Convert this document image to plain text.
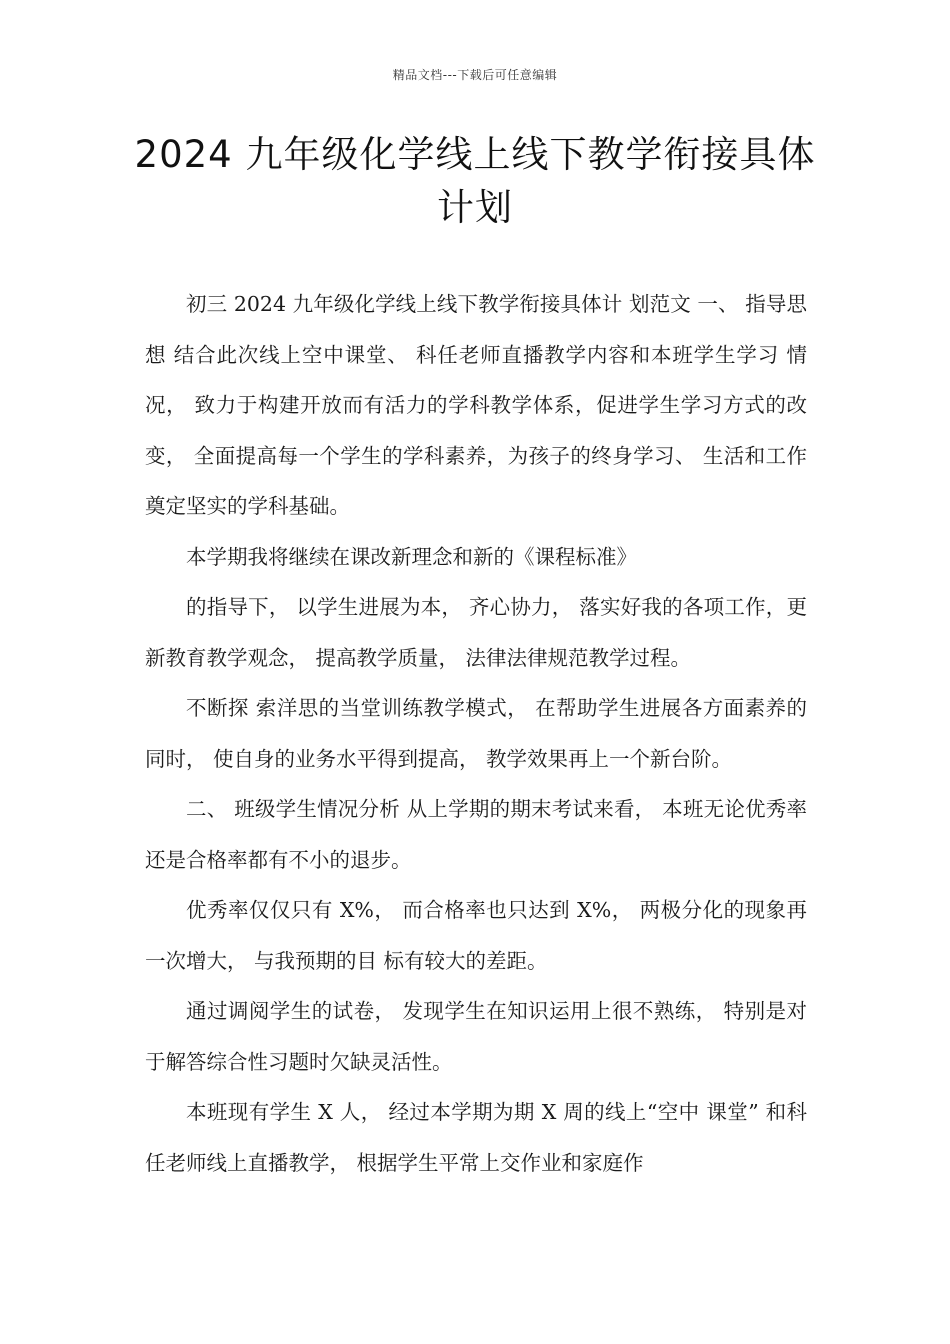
精品文档---下载后可任意编辑
2024 九年级化学线上线下教学衔接具体计划

初三 2024 九年级化学线上线下教学衔接具体计 划范文 一、 指导思想 结合此次线上空中课堂、 科任老师直播教学内容和本班学生学习 情况， 致力于构建开放而有活力的学科教学体系，促进学生学习方式的改变， 全面提高每一个学生的学科素养，为孩子的终身学习、 生活和工作奠定坚实的学科基础。

本学期我将继续在课改新理念和新的《课程标准》

的指导下， 以学生进展为本， 齐心协力， 落实好我的各项工作，更新教育教学观念， 提高教学质量， 法律法律规范教学过程。

不断探 索洋思的当堂训练教学模式， 在帮助学生进展各方面素养的同时， 使自身的业务水平得到提高， 教学效果再上一个新台阶。

二、 班级学生情况分析 从上学期的期末考试来看， 本班无论优秀率还是合格率都有不小的退步。

优秀率仅仅只有 X%， 而合格率也只达到 X%， 两极分化的现象再一次增大， 与我预期的目 标有较大的差距。

通过调阅学生的试卷， 发现学生在知识运用上很不熟练， 特别是对于解答综合性习题时欠缺灵活性。

本班现有学生 X 人， 经过本学期为期 X 周的线上“空中 课堂” 和科任老师线上直播教学， 根据学生平常上交作业和家庭作
